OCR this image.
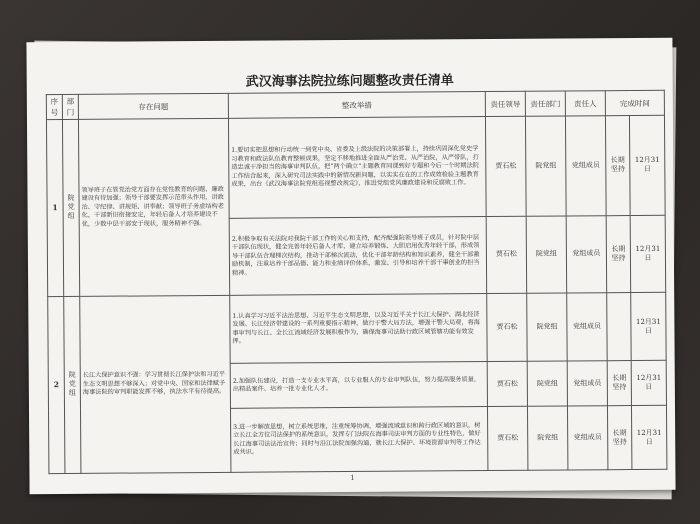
武汉海事法院拉练问题整改责任清单
序号	部门	存在问题	整改举措	责任领导	责任部门	责任人	完成时间	
1	院党组	领导班子在管党治党方面存在党性教育的问题、廉政建设有待加强；领导干部要发挥示范带头作用，讲政治、守纪律、讲规矩、讲奉献；领导班子务虚结构老化，干部新旧衔接安定，年轻后备人才培养建设不优，少数中层干部安于现状，服务精神不强。	1.要切实把思想和行动统一到党中央、省委及上级法院的决策部署上，持续巩固深化党史学习教育和政法队伍教育整顿成果，坚定不移地推进全面从严治党、从严治院，从严带队，打造忠诚干净担当的海事审判队伍，把“两个确立”主题教育同课到好专题和今后一个时期法院工作结合起来，深入研究司法实践中的新情况新问题，以实实在在的工作成效检验主题教育成果，出台《武汉海事法院党组巡视整改规定》，推进党组党风廉政建设和反腐败工作。	贾石松	院党组	党组成员	长期坚持	12月31日
			2.积极争取有关法院对我院干部工作的关心和支持，配齐配强院领导班子成员，针对院中层干部队伍现状，健全完善年轻后备人才库，建立培养锻炼、大胆启用优秀年轻干部，形成领导干部队伍合理梯次结构，推动干部梯次流动，优化干部年龄结构和知识素养，健全干部激励机制，注重培养干部品德、能力和业绩评价体系，激发、引导和培养干部干事创业的担当精神。	贾石松	院党组	党组成员	长期坚持	12月31日
2	院党组	长江大保护意识不强：学习贯彻长江保护法和习近平生态文明思想不够深入；对党中央、国家和法律赋予海事法院的审判职能发挥不够，执法水平有待提高。	1.认真学习习近平法治思想、习近平生态文明思想，以及习近平关于长江大保护、湖北经济发展、长江经济带建设的一系列重要指示精神，做行于警大局方法，增强干警大局观，将海事审判与长江、全长江流域经济发展积极作为，确保海事司法助行政区域管辖功能有效发挥。	贾石松	院党组	党组成员		12月31日
			2.加强队伍建设，打造一支专业水平高，以专业服人的专业审判队伍，努力提高服务质量，出精品案件、培养一批专业化人才。	贾石松	院党组	党组成员	长期坚持	12月31日
			3.进一步解放思想，树立系统思维，注重统筹协调，增强流域意识和跨行政区域的意识，树立长江全方位司法保护的系统意识，发挥专门法院在海事司法审判方面的专业性特色，做好长江海事司法法治宣传；同时与沿江法院加强沟通，就长江大保护、环境资源审判等工作达成共识。	贾石松	院党组	党组成员	长期坚持	12月31日
1
